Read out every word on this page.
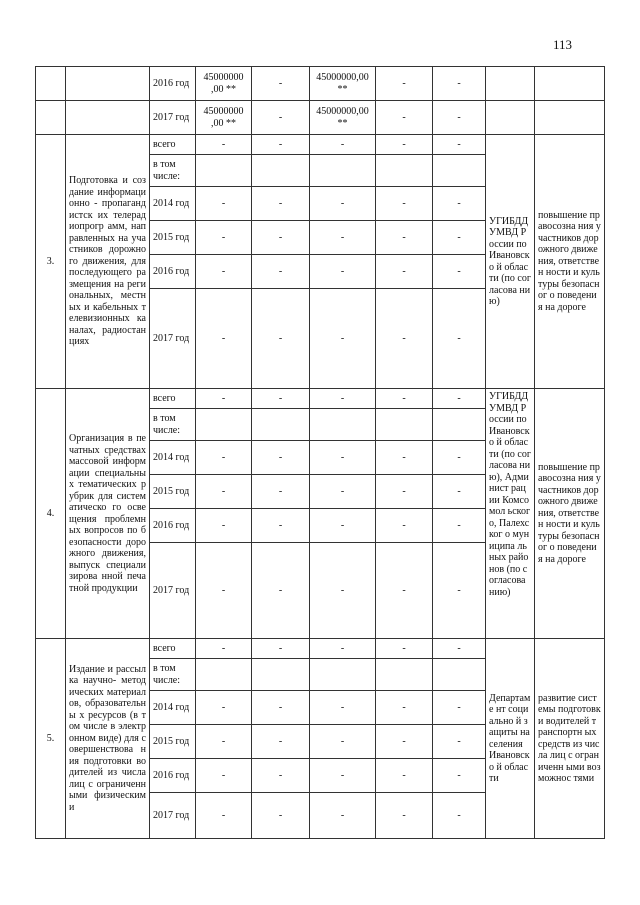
113
		2016 год	45000000 ,00 **	-	45000000,00 **	-	-		
		2017 год	45000000 ,00 **	-	45000000,00 **	-	-		
3.	Подготовка и создание информационно - пропагандистск их телерадиопрогр амм, направленных на участников дорожного движения, для последующего размещения на региональных, местных и кабельных телевизионных каналах, радиостанциях	всего	-	-	-	-	-	УГИБДД УМВД России по Ивановско й области (по согласова нию)	повышение правосозна ния участников дорожного движения, ответствен ности и культуры безопасног о поведения на дороге
		в том числе:							
		2014 год	-	-	-	-	-		
		2015 год	-	-	-	-	-		
		2016 год	-	-	-	-	-		
		2017 год	-	-	-	-	-		
4.	Организация в печатных средствах массовой информации специальных тематических рубрик для систематическо го освещения проблемных вопросов по безопасности дорожного движения, выпуск специализирова нной печатной продукции	всего	-	-	-	-	-	УГИБДД УМВД России по Ивановско й области (по согласова нию), Админист рации Комсомол ьского, Палехског о муниципа льных районов (по согласова нию)	повышение правосозна ния участников дорожного движения, ответствен ности и культуры безопасног о поведения на дороге
		в том числе:							
		2014 год	-	-	-	-	-		
		2015 год	-	-	-	-	-		
		2016 год	-	-	-	-	-		
		2017 год	-	-	-	-	-		
5.	Издание и рассылка научно- методических материалов, образовательны х ресурсов (в том числе в электронном виде) для совершенствова ния подготовки водителей из числа лиц с ограниченными физическими	всего	-	-	-	-	-	Департаме нт социально й защиты населения Ивановско й области	развитие системы подготовки водителей транспортн ых средств из числа лиц с ограниченн ыми возможнос тями
		в том числе:							
		2014 год	-	-	-	-	-		
		2015 год	-	-	-	-	-		
		2016 год	-	-	-	-	-		
		2017 год	-	-	-	-	-		
